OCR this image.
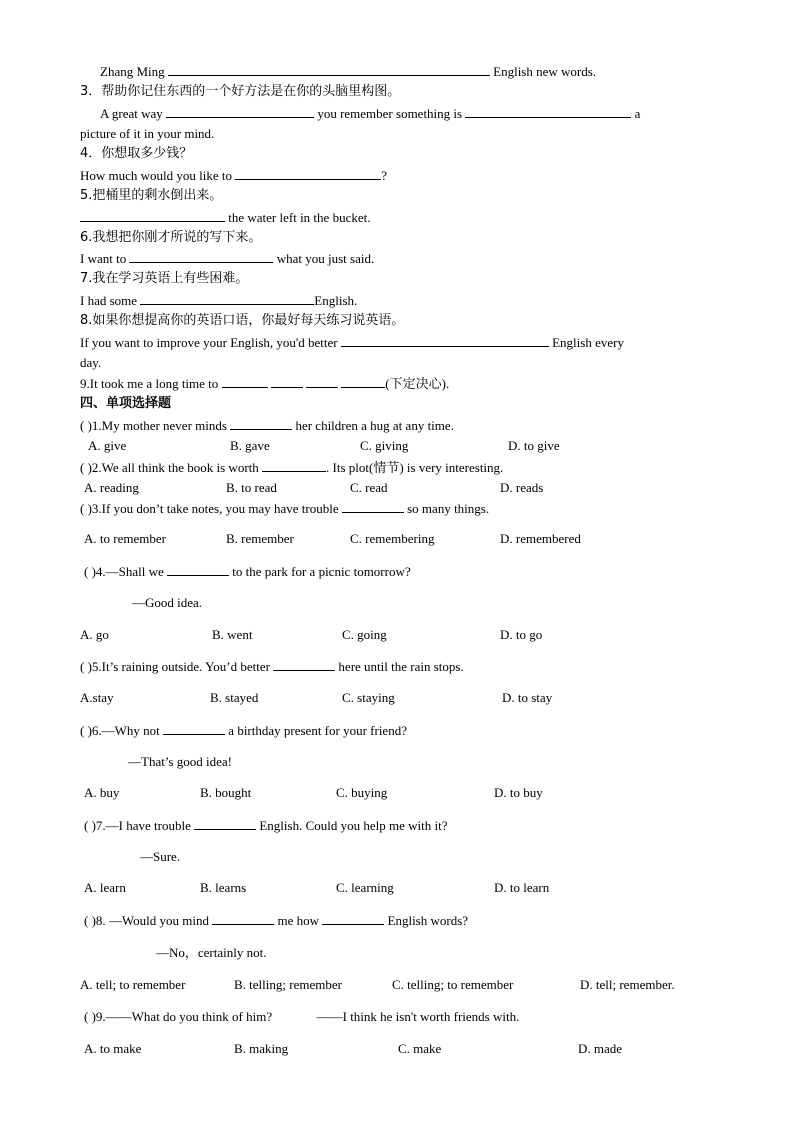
Zhang Ming	English new words.
3．帮助你记住东西的一个好方法是在你的头脑里构图。
A great way	you remember something is	a
picture of it in your mind.
4．你想取多少钱？
How much would you like to	?
5.把桶里的剩水倒出来。
the water left in the bucket.
6.我想把你刚才所说的写下来。
I want to	what you just said.
7.我在学习英语上有些困难。
I had some	English.
8.如果你想提高你的英语口语，你最好每天练习说英语。
If you want to improve your English, you'd better	English every
day.
9.It took me a long time to	(下定决心).
四、单项选择题
( )1.My mother never minds	her children a hug at any time.
A. give	B. gave	C. giving	D. to give
( )2.We all think the book is worth	. Its plot(情节) is very interesting.
A. reading	B. to read	C. read	D. reads
( )3.If you don’t take notes, you may have trouble	so many things.
A. to remember	B. remember	C. remembering	D. remembered
( )4.—Shall we	to the park for a picnic tomorrow?
—Good idea.
A. go	B. went	C. going	D. to go
( )5.It’s raining outside. You’d better	here until the rain stops.
A.stay	B. stayed	C. staying	D. to stay
( )6.—Why not	a birthday present for your friend?
—That’s good idea!
A. buy	B. bought	C. buying	D. to buy
( )7.—I have trouble	English. Could you help me with it?
—Sure.
A. learn	B. learns	C. learning	D. to learn
( )8. —Would you mind	me how	English words?
—No，certainly not.
A. tell; to remember	B. telling; remember	C. telling; to remember	D. tell; remember.
( )9.——What do you think of him?	——I think he isn't worth friends with.
A. to make	B. making	C. make	D. made
